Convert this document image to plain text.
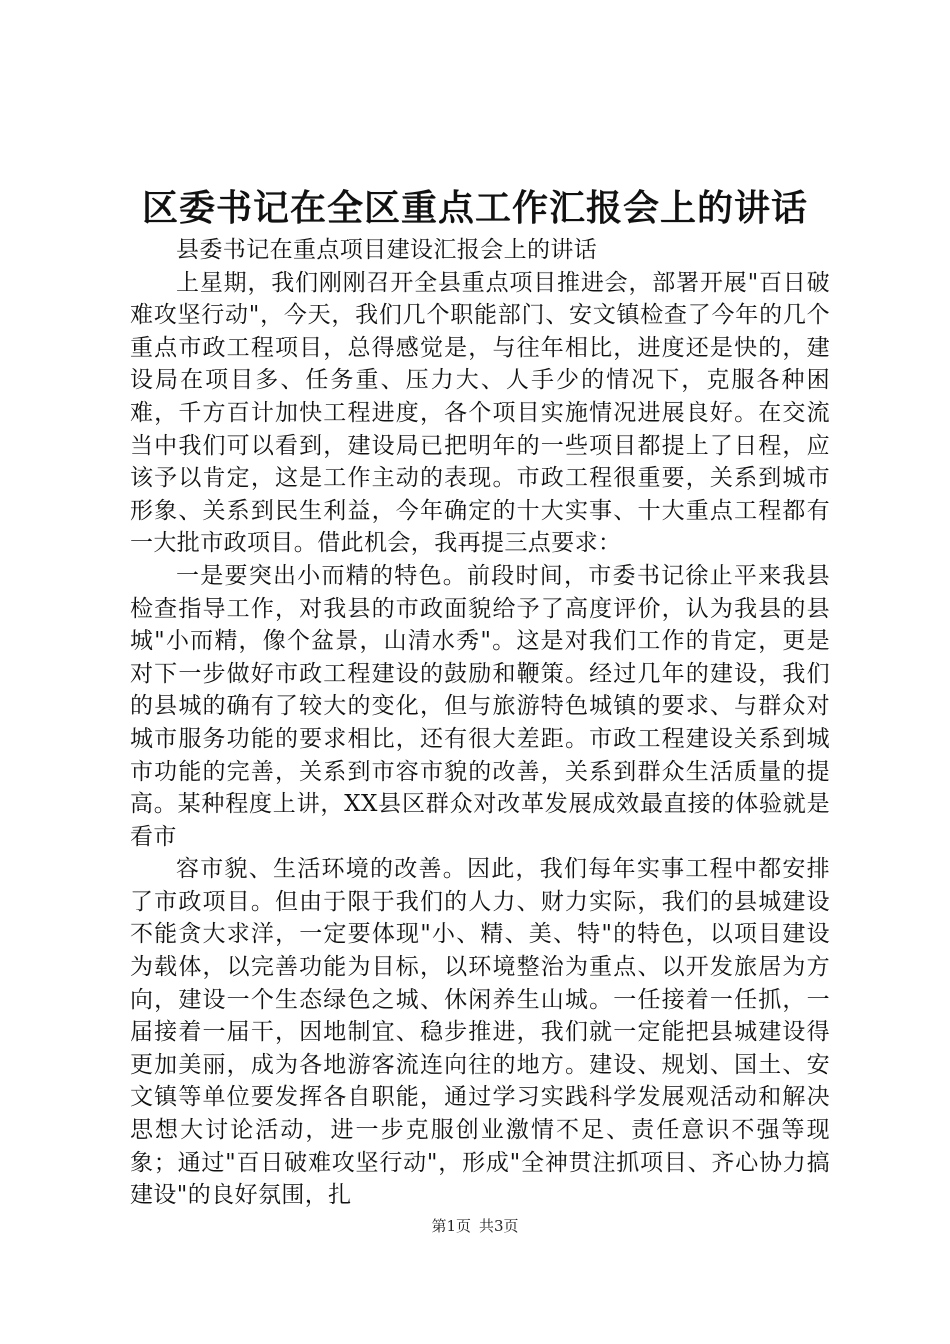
区委书记在全区重点工作汇报会上的讲话

县委书记在重点项目建设汇报会上的讲话

上星期，我们刚刚召开全县重点项目推进会，部署开展"百日破难攻坚行动"，今天，我们几个职能部门、安文镇检查了今年的几个重点市政工程项目，总得感觉是，与往年相比，进度还是快的，建设局在项目多、任务重、压力大、人手少的情况下，克服各种困难，千方百计加快工程进度，各个项目实施情况进展良好。在交流当中我们可以看到，建设局已把明年的一些项目都提上了日程，应该予以肯定，这是工作主动的表现。市政工程很重要，关系到城市形象、关系到民生利益，今年确定的十大实事、十大重点工程都有一大批市政项目。借此机会，我再提三点要求：

一是要突出小而精的特色。前段时间，市委书记徐止平来我县检查指导工作，对我县的市政面貌给予了高度评价，认为我县的县城"小而精，像个盆景，山清水秀"。这是对我们工作的肯定，更是对下一步做好市政工程建设的鼓励和鞭策。经过几年的建设，我们的县城的确有了较大的变化，但与旅游特色城镇的要求、与群众对城市服务功能的要求相比，还有很大差距。市政工程建设关系到城市功能的完善，关系到市容市貌的改善，关系到群众生活质量的提高。某种程度上讲，XX县区群众对改革发展成效最直接的体验就是看市

容市貌、生活环境的改善。因此，我们每年实事工程中都安排了市政项目。但由于限于我们的人力、财力实际，我们的县城建设不能贪大求洋，一定要体现"小、精、美、特"的特色，以项目建设为载体，以完善功能为目标，以环境整治为重点、以开发旅居为方向，建设一个生态绿色之城、休闲养生山城。一任接着一任抓，一届接着一届干，因地制宜、稳步推进，我们就一定能把县城建设得更加美丽，成为各地游客流连向往的地方。建设、规划、国土、安文镇等单位要发挥各自职能，通过学习实践科学发展观活动和解决思想大讨论活动，进一步克服创业激情不足、责任意识不强等现象；通过"百日破难攻坚行动"，形成"全神贯注抓项目、齐心协力搞建设"的良好氛围，扎

第1页 共3页
